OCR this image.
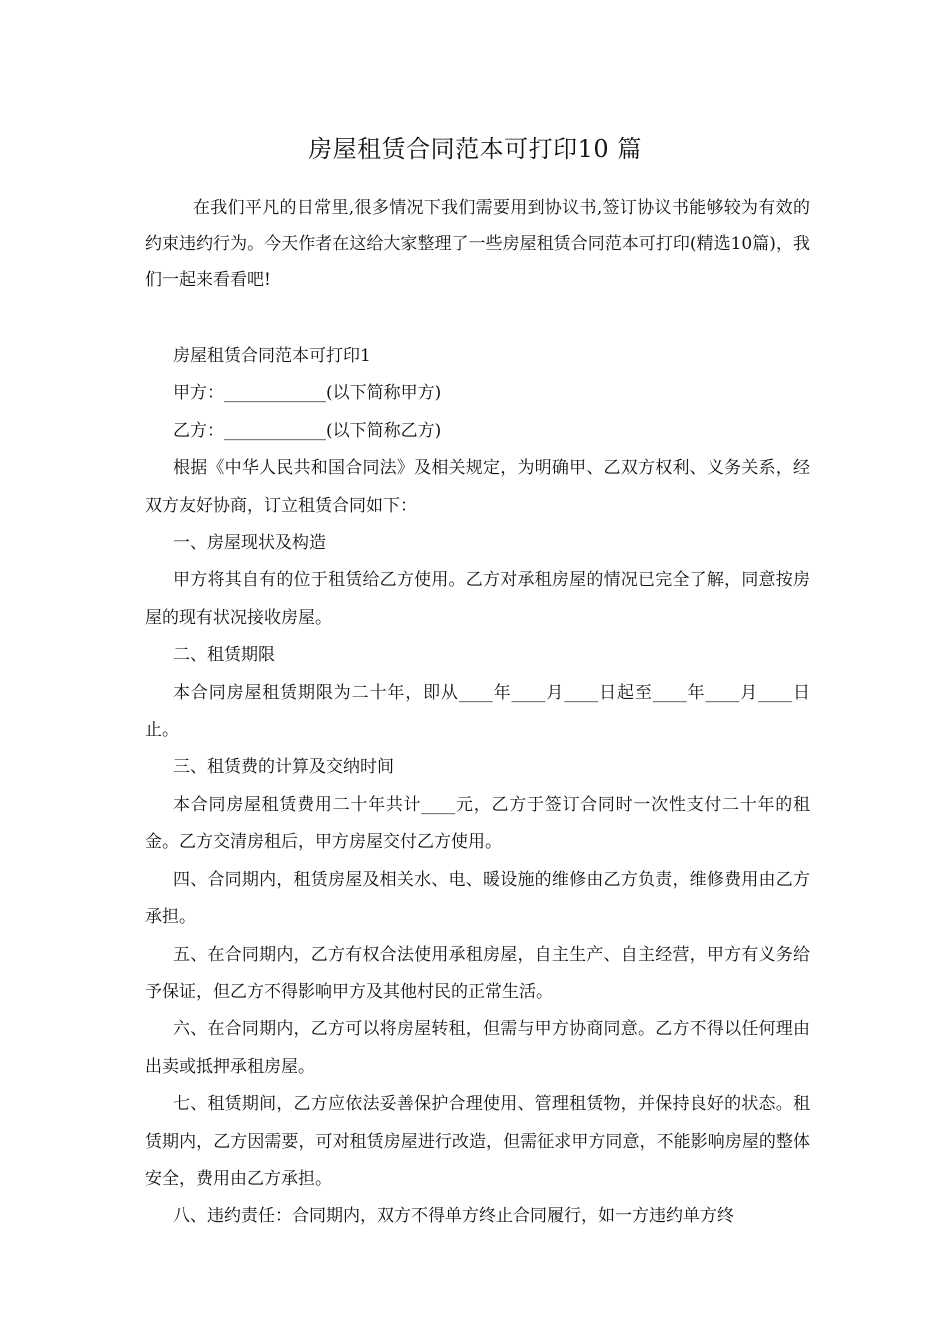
房屋租赁合同范本可打印10 篇

在我们平凡的日常里,很多情况下我们需要用到协议书,签订协议书能够较为有效的约束违约行为。今天作者在这给大家整理了一些房屋租赁合同范本可打印(精选10篇)，我们一起来看看吧!

房屋租赁合同范本可打印1

甲方：____________(以下简称甲方)

乙方：____________(以下简称乙方)

根据《中华人民共和国合同法》及相关规定，为明确甲、乙双方权利、义务关系，经双方友好协商，订立租赁合同如下：

一、房屋现状及构造

甲方将其自有的位于租赁给乙方使用。乙方对承租房屋的情况已完全了解，同意按房屋的现有状况接收房屋。

二、租赁期限

本合同房屋租赁期限为二十年，即从____年____月____日起至____年____月____日止。

三、租赁费的计算及交纳时间

本合同房屋租赁费用二十年共计____元，乙方于签订合同时一次性支付二十年的租金。乙方交清房租后，甲方房屋交付乙方使用。

四、合同期内，租赁房屋及相关水、电、暖设施的维修由乙方负责，维修费用由乙方承担。

五、在合同期内，乙方有权合法使用承租房屋，自主生产、自主经营，甲方有义务给予保证，但乙方不得影响甲方及其他村民的正常生活。

六、在合同期内，乙方可以将房屋转租，但需与甲方协商同意。乙方不得以任何理由出卖或抵押承租房屋。

七、租赁期间，乙方应依法妥善保护合理使用、管理租赁物，并保持良好的状态。租赁期内，乙方因需要，可对租赁房屋进行改造，但需征求甲方同意，不能影响房屋的整体安全，费用由乙方承担。

八、违约责任：合同期内，双方不得单方终止合同履行，如一方违约单方终
